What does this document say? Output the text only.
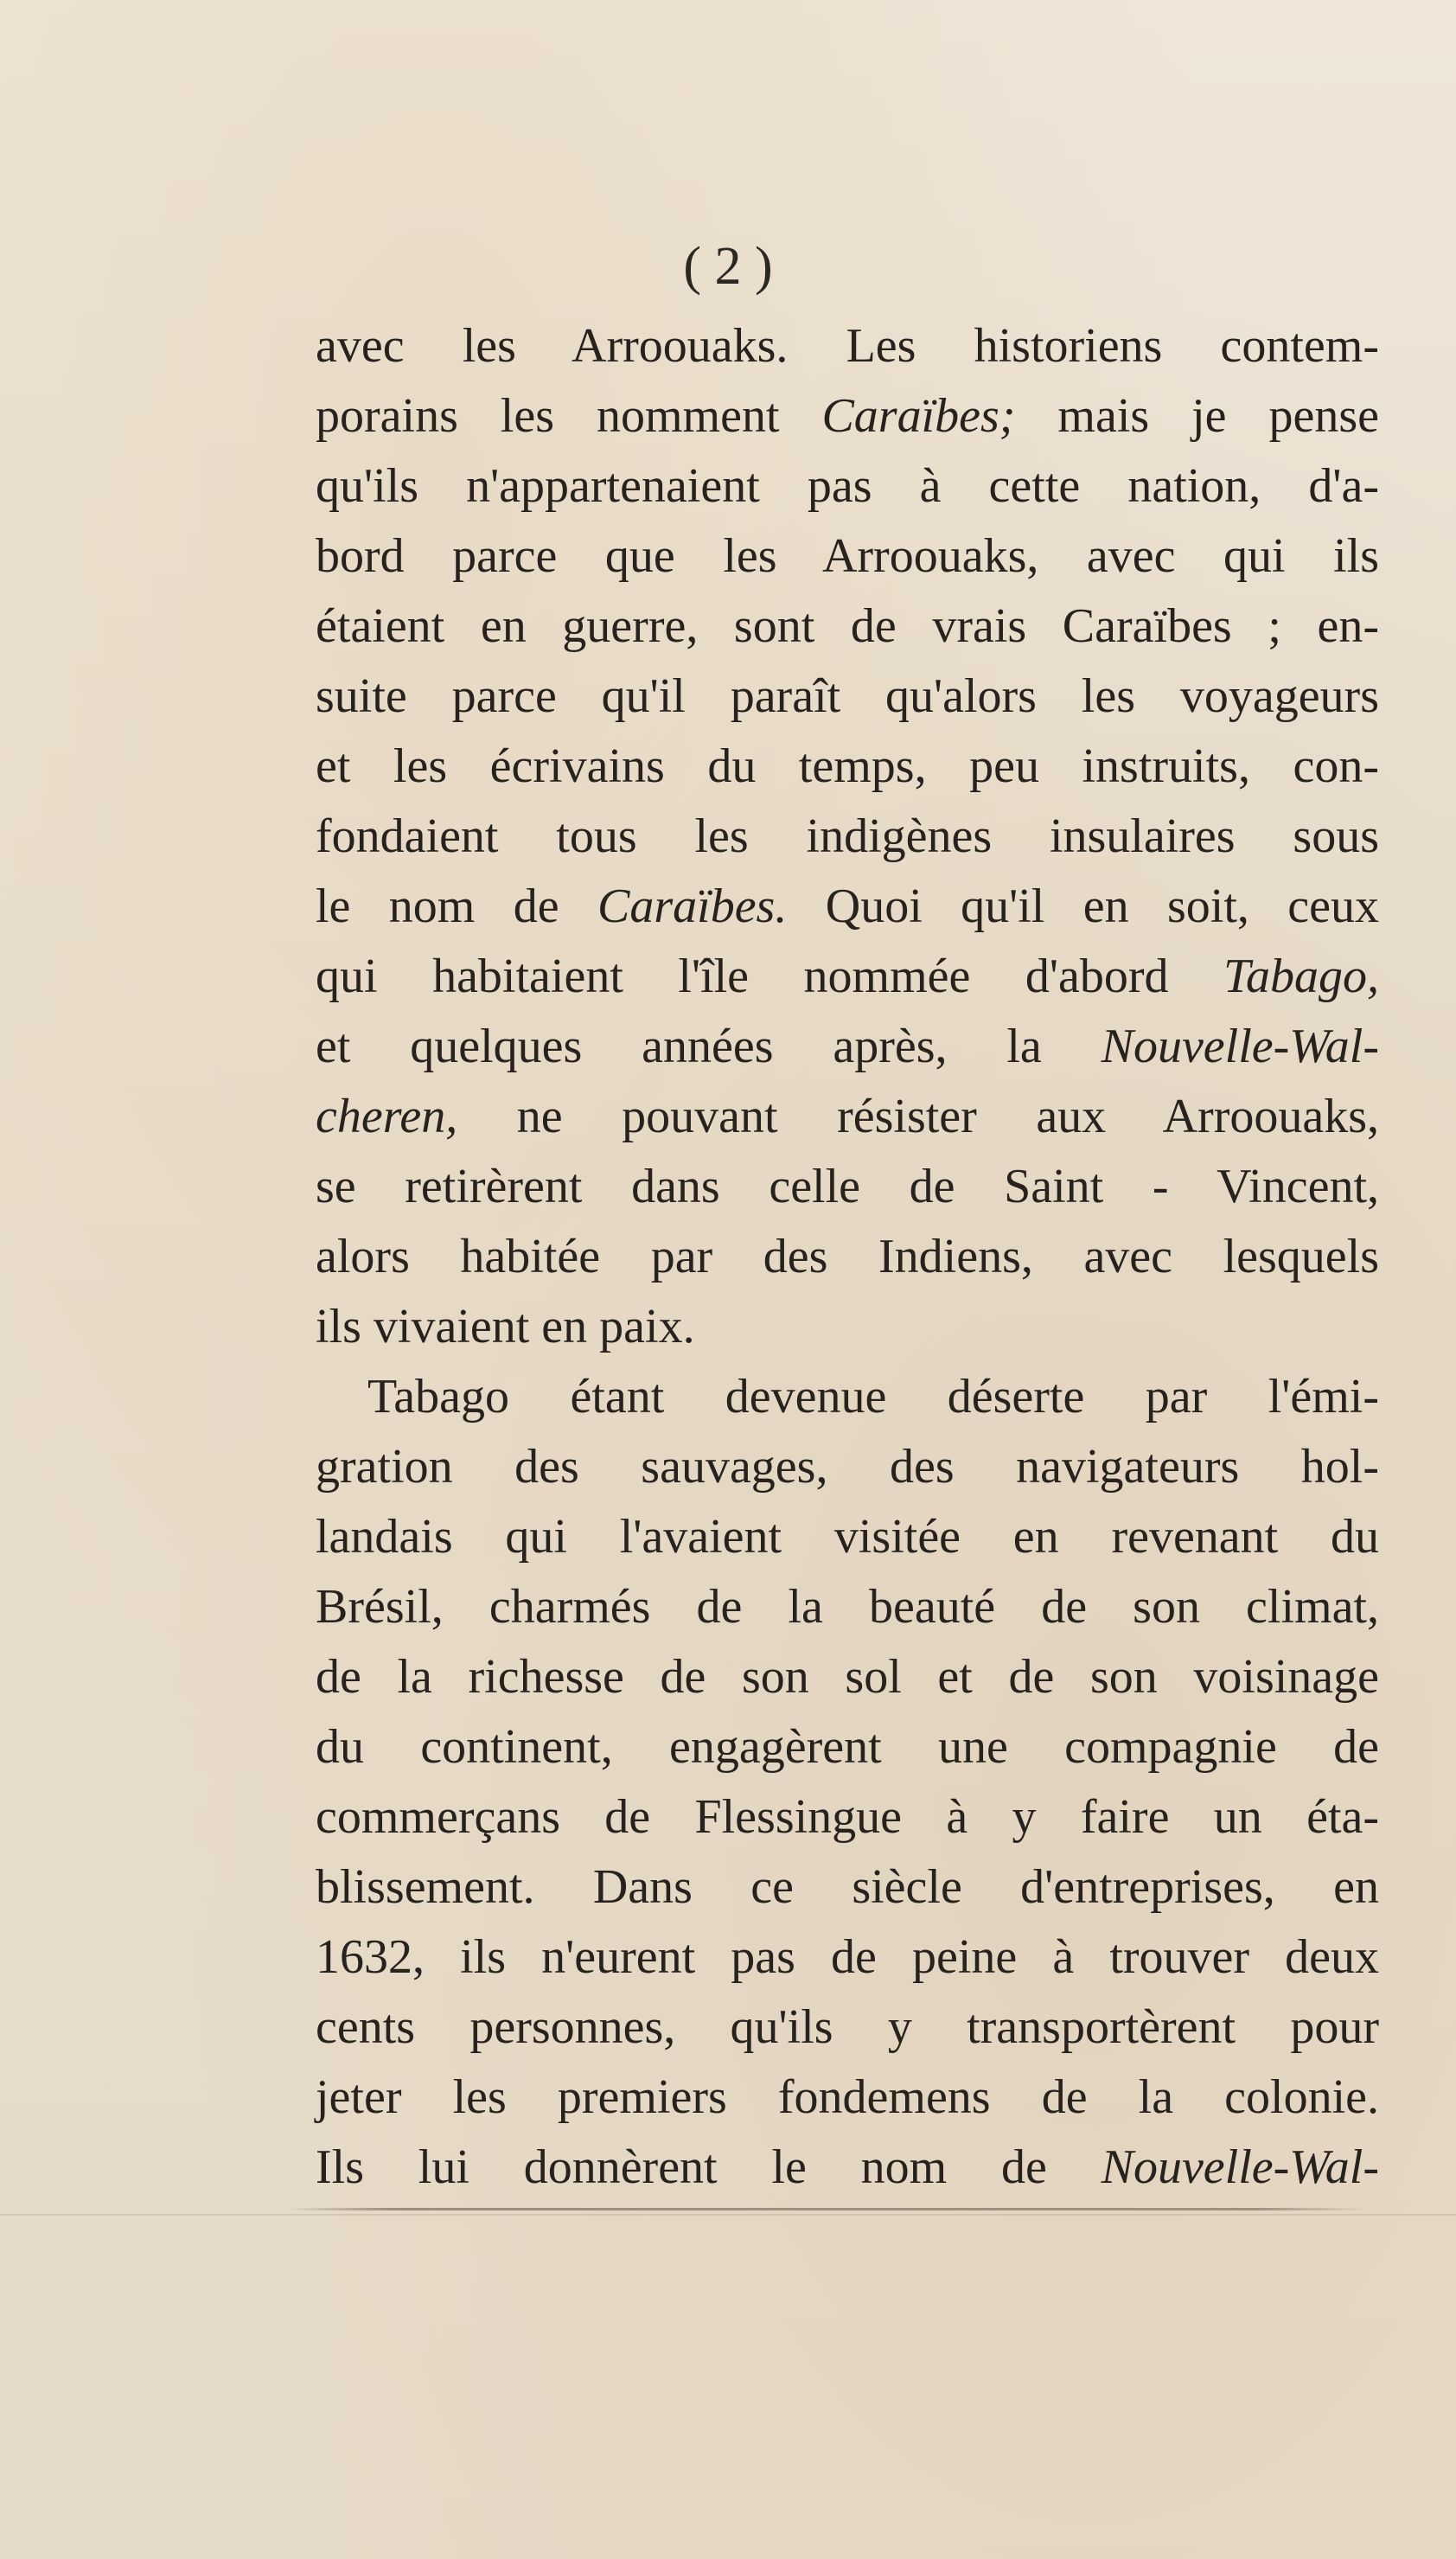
( 2 )
avec les Arroouaks. Les historiens contem-
porains les nomment Caraïbes; mais je pense
qu'ils n'appartenaient pas à cette nation, d'a-
bord parce que les Arroouaks, avec qui ils
étaient en guerre, sont de vrais Caraïbes ; en-
suite parce qu'il paraît qu'alors les voyageurs
et les écrivains du temps, peu instruits, con-
fondaient tous les indigènes insulaires sous
le nom de Caraïbes. Quoi qu'il en soit, ceux
qui habitaient l'île nommée d'abord Tabago,
et quelques années après, la Nouvelle-Wal-
cheren, ne pouvant résister aux Arroouaks,
se retirèrent dans celle de Saint - Vincent,
alors habitée par des Indiens, avec lesquels
ils vivaient en paix.
Tabago étant devenue déserte par l'émi-
gration des sauvages, des navigateurs hol-
landais qui l'avaient visitée en revenant du
Brésil, charmés de la beauté de son climat,
de la richesse de son sol et de son voisinage
du continent, engagèrent une compagnie de
commerçans de Flessingue à y faire un éta-
blissement. Dans ce siècle d'entreprises, en
1632, ils n'eurent pas de peine à trouver deux
cents personnes, qu'ils y transportèrent pour
jeter les premiers fondemens de la colonie.
Ils lui donnèrent le nom de Nouvelle-Wal-
